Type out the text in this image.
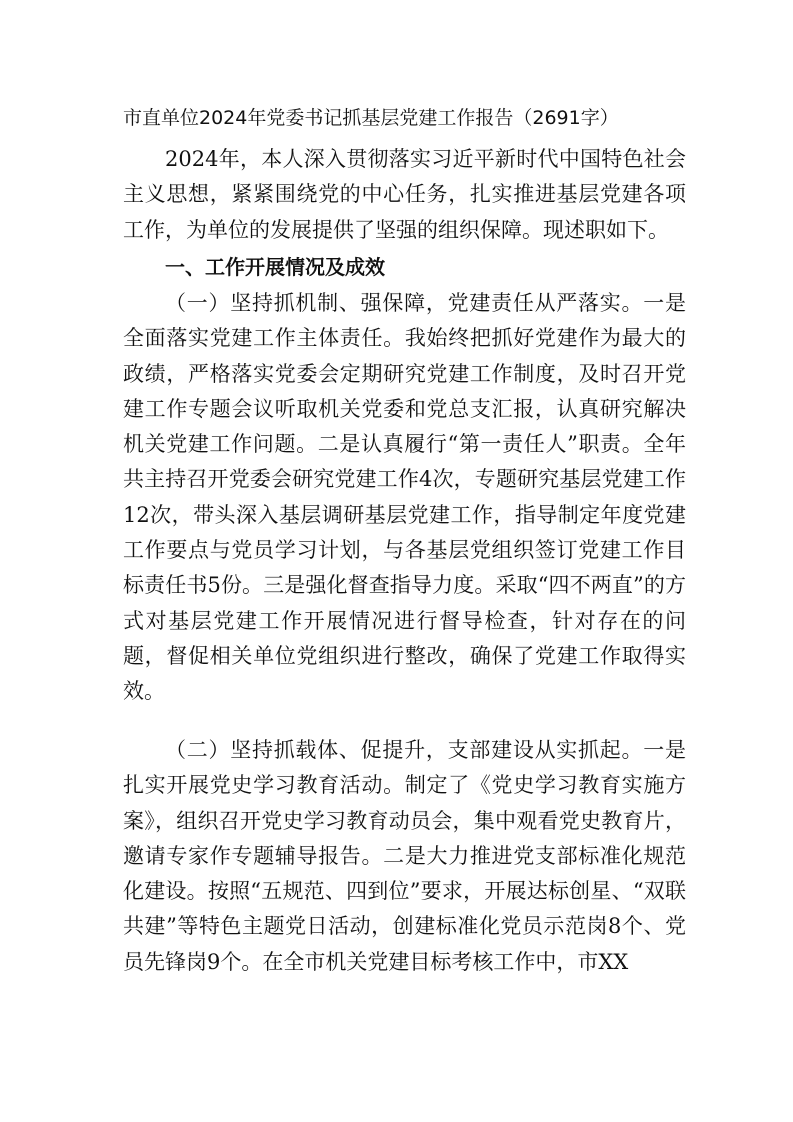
市直单位2024年党委书记抓基层党建工作报告（2691字）

2024年，本人深入贯彻落实习近平新时代中国特色社会主义思想，紧紧围绕党的中心任务，扎实推进基层党建各项工作，为单位的发展提供了坚强的组织保障。现述职如下。

一、工作开展情况及成效

（一）坚持抓机制、强保障，党建责任从严落实。一是全面落实党建工作主体责任。我始终把抓好党建作为最大的政绩，严格落实党委会定期研究党建工作制度，及时召开党建工作专题会议听取机关党委和党总支汇报，认真研究解决机关党建工作问题。二是认真履行“第一责任人”职责。全年共主持召开党委会研究党建工作4次，专题研究基层党建工作12次，带头深入基层调研基层党建工作，指导制定年度党建工作要点与党员学习计划，与各基层党组织签订党建工作目标责任书5份。三是强化督查指导力度。采取“四不两直”的方式对基层党建工作开展情况进行督导检查，针对存在的问题，督促相关单位党组织进行整改，确保了党建工作取得实效。

（二）坚持抓载体、促提升，支部建设从实抓起。一是扎实开展党史学习教育活动。制定了《党史学习教育实施方案》，组织召开党史学习教育动员会，集中观看党史教育片，邀请专家作专题辅导报告。二是大力推进党支部标准化规范化建设。按照“五规范、四到位”要求，开展达标创星、“双联共建”等特色主题党日活动，创建标准化党员示范岗8个、党员先锋岗9个。在全市机关党建目标考核工作中，市XX
